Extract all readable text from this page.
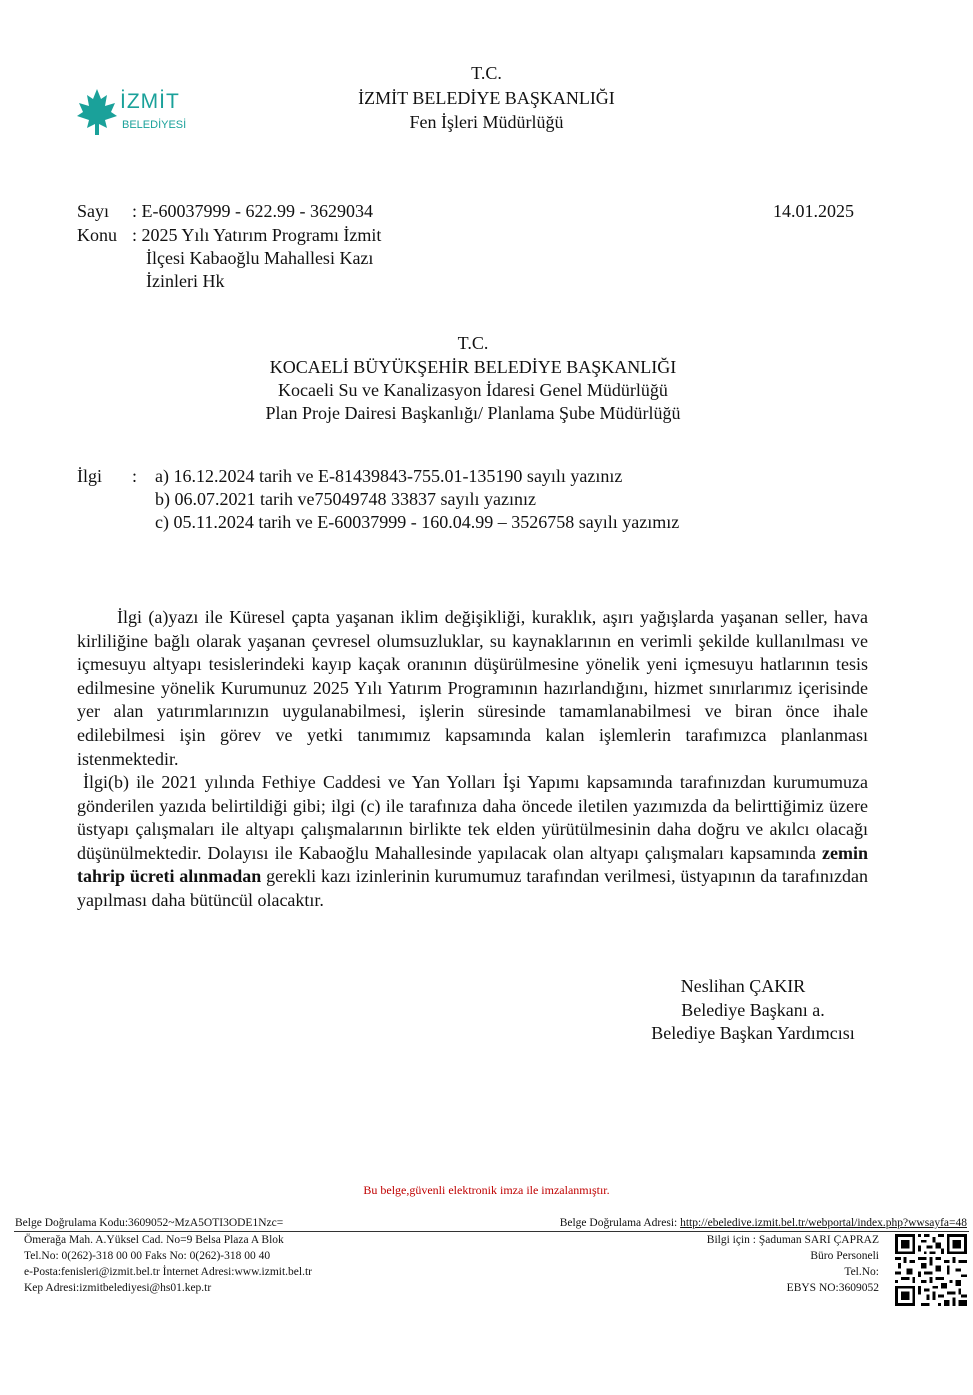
İZMİT
BELEDİYESİ
T.C.
İZMİT BELEDİYE BAŞKANLIĞI
Fen İşleri Müdürlüğü
Sayı : E-60037999 - 622.99 - 3629034	14.01.2025
Konu : 2025 Yılı Yatırım Programı İzmit
İlçesi Kabaoğlu Mahallesi Kazı
İzinleri Hk
T.C.
KOCAELİ BÜYÜKŞEHİR BELEDİYE BAŞKANLIĞI
Kocaeli Su ve Kanalizasyon İdaresi Genel Müdürlüğü
Plan Proje Dairesi Başkanlığı/ Planlama Şube Müdürlüğü
İlgi : a) 16.12.2024 tarih ve E-81439843-755.01-135190 sayılı yazınız
b) 06.07.2021 tarih ve75049748 33837 sayılı yazınız
c) 05.11.2024 tarih ve E-60037999 - 160.04.99 – 3526758 sayılı yazımız
İlgi (a)yazı ile Küresel çapta yaşanan iklim değişikliği, kuraklık, aşırı yağışlarda yaşanan seller, hava kirliliğine bağlı olarak yaşanan çevresel olumsuzluklar, su kaynaklarının en verimli şekilde kullanılması ve içmesuyu altyapı tesislerindeki kayıp kaçak oranının düşürülmesine yönelik yeni içmesuyu hatlarının tesis edilmesine yönelik Kurumunuz 2025 Yılı Yatırım Programının hazırlandığını, hizmet sınırlarımız içerisinde yer alan yatırımlarınızın uygulanabilmesi, işlerin süresinde tamamlanabilmesi ve biran önce ihale edilebilmesi işin görev ve yetki tanımımız kapsamında kalan işlemlerin tarafımızca planlanması istenmektedir.
İlgi(b) ile 2021 yılında Fethiye Caddesi ve Yan Yolları İşi Yapımı kapsamında tarafınızdan kurumumuza gönderilen yazıda belirtildiği gibi; ilgi (c) ile tarafınıza daha öncede iletilen yazımızda da belirttiğimiz üzere üstyapı çalışmaları ile altyapı çalışmalarının birlikte tek elden yürütülmesinin daha doğru ve akılcı olacağı düşünülmektedir. Dolayısı ile Kabaoğlu Mahallesinde yapılacak olan altyapı çalışmaları kapsamında zemin tahrip ücreti alınmadan gerekli kazı izinlerinin kurumumuz tarafından verilmesi, üstyapının da tarafınızdan yapılması daha bütüncül olacaktır.
Neslihan ÇAKIR
Belediye Başkanı a.
Belediye Başkan Yardımcısı
Bu belge,güvenli elektronik imza ile imzalanmıştır.
Belge Doğrulama Kodu:3609052~MzA5OTI3ODE1Nzc=	Belge Doğrulama Adresi: http://ebeledive.izmit.bel.tr/webportal/index.php?wwsayfa=48
Ömerağa Mah. A.Yüksel Cad. No=9 Belsa Plaza A Blok
Tel.No: 0(262)-318 00 00 Faks No: 0(262)-318 00 40
e-Posta:fenisleri@izmit.bel.tr İnternet Adresi:www.izmit.bel.tr
Kep Adresi:izmitbelediyesi@hs01.kep.tr
Bilgi için : Şaduman SARI ÇAPRAZ
Büro Personeli
Tel.No:
EBYS NO:3609052
